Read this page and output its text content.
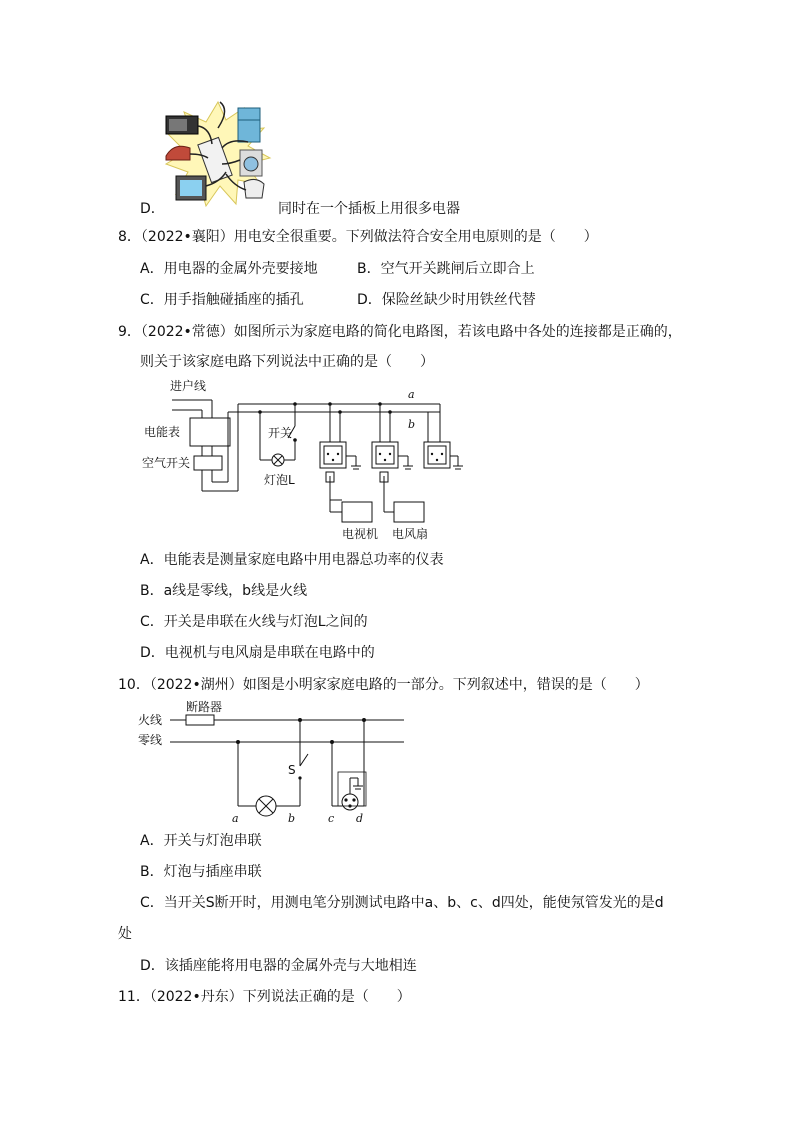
D．	同时在一个插板上用很多电器
8．（2022•襄阳）用电安全很重要。下列做法符合安全用电原则的是（　　）
A．用电器的金属外壳要接地	B．空气开关跳闸后立即合上
C．用手指触碰插座的插孔	D．保险丝缺少时用铁丝代替
9．（2022•常德）如图所示为家庭电路的简化电路图，若该电路中各处的连接都是正确的，
则关于该家庭电路下列说法中正确的是（　　）
进户线
电能表
空气开关
开关
灯泡L
a
b
电视机 电风扇
A．电能表是测量家庭电路中用电器总功率的仪表
B．a线是零线，b线是火线
C．开关是串联在火线与灯泡L之间的
D．电视机与电风扇是串联在电路中的
10．（2022•湖州）如图是小明家家庭电路的一部分。下列叙述中，错误的是（　　）
断路器
火线
零线
S
a	b	c d
A．开关与灯泡串联
B．灯泡与插座串联
C．当开关S断开时，用测电笔分别测试电路中a、b、c、d四处，能使氖管发光的是d
处
D．该插座能将用电器的金属外壳与大地相连
11．（2022•丹东）下列说法正确的是（　　）
